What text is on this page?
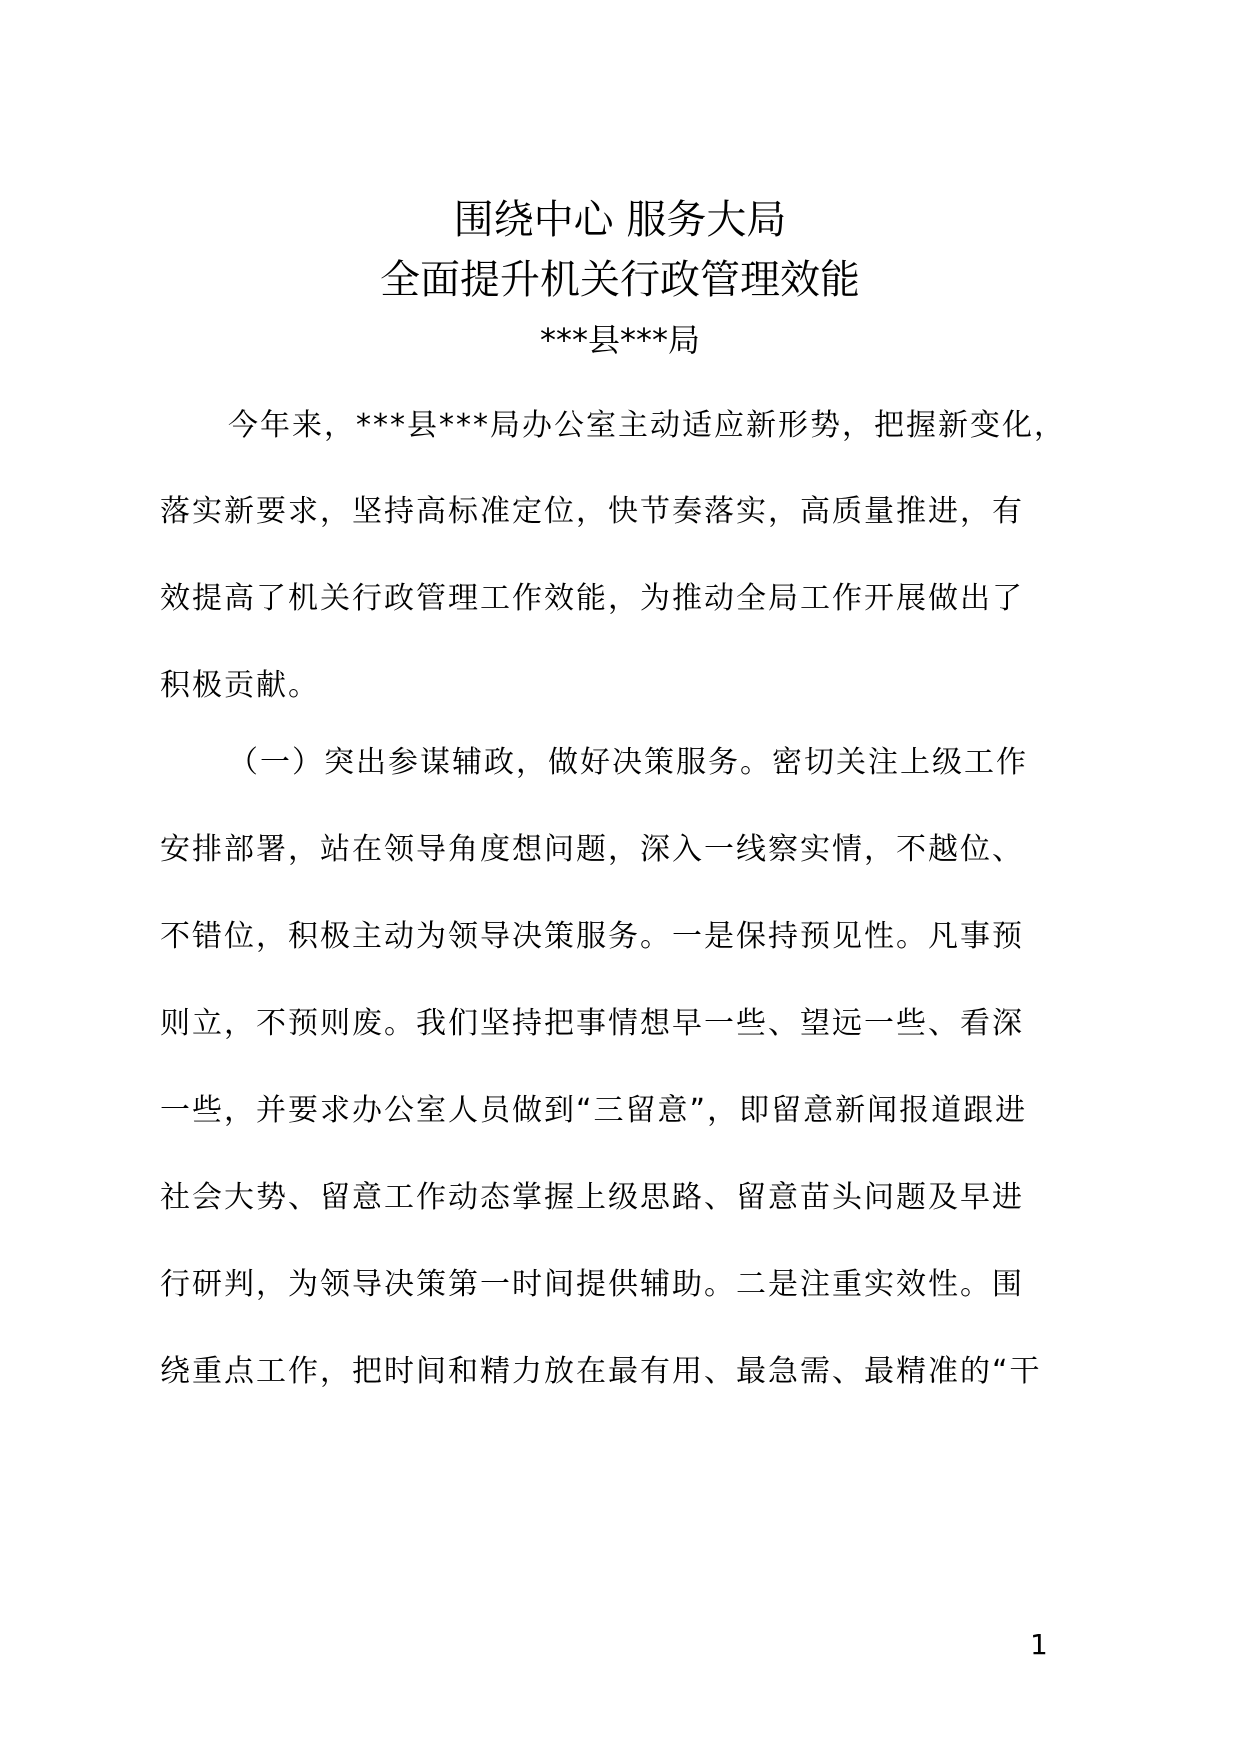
围绕中心 服务大局
全面提升机关行政管理效能
***县***局
今年来，***县***局办公室主动适应新形势，把握新变化，
落实新要求，坚持高标准定位，快节奏落实，高质量推进，有
效提高了机关行政管理工作效能，为推动全局工作开展做出了
积极贡献。
（一）突出参谋辅政，做好决策服务。密切关注上级工作
安排部署，站在领导角度想问题，深入一线察实情，不越位、
不错位，积极主动为领导决策服务。一是保持预见性。凡事预
则立，不预则废。我们坚持把事情想早一些、望远一些、看深
一些，并要求办公室人员做到“三留意”，即留意新闻报道跟进
社会大势、留意工作动态掌握上级思路、留意苗头问题及早进
行研判，为领导决策第一时间提供辅助。二是注重实效性。围
绕重点工作，把时间和精力放在最有用、最急需、最精准的“干
1
